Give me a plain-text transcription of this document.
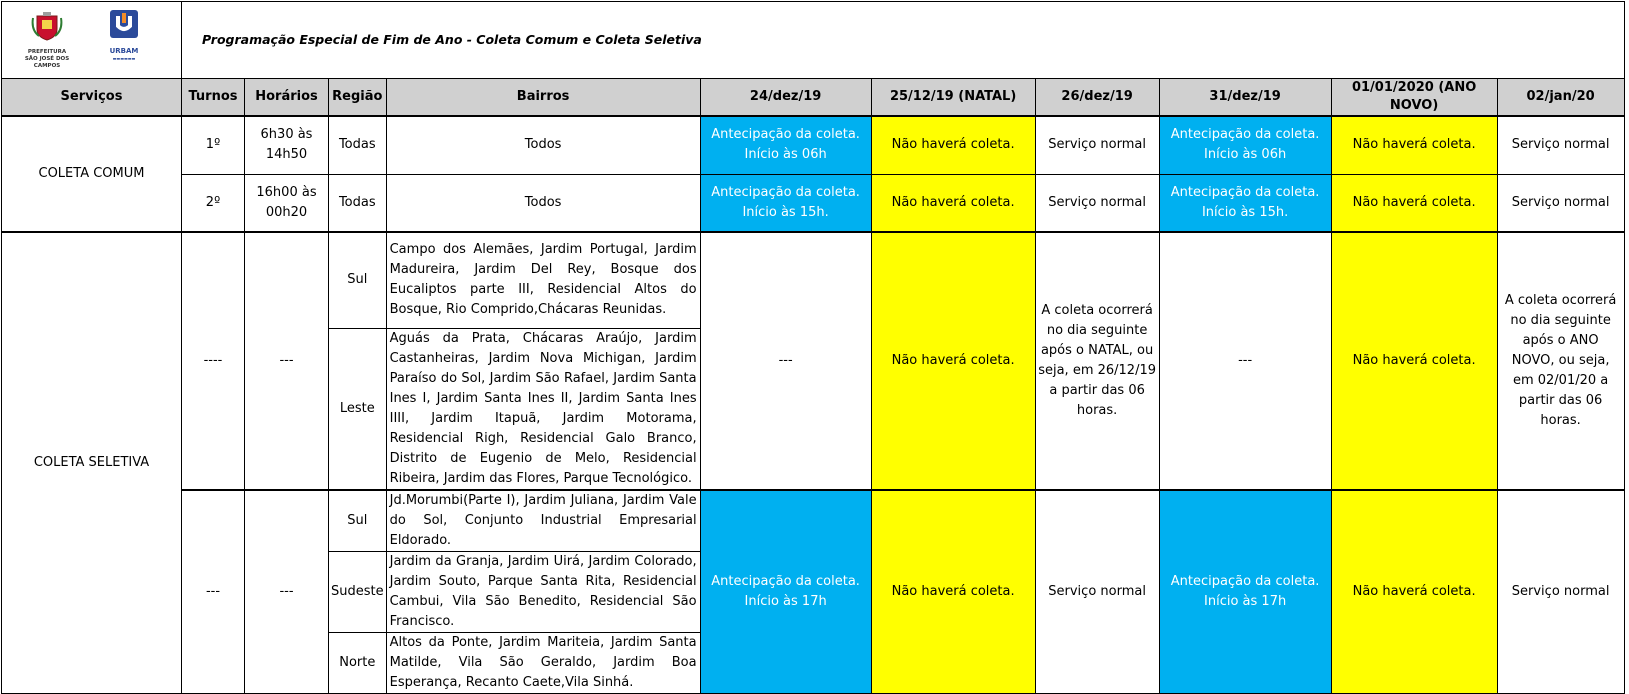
PREFEITURA
SÃO JOSÉ DOS CAMPOS
URBAM
▬▬▬▬▬▬	Programação Especial de Fim de Ano - Coleta Comum e Coleta Seletiva									
Serviços	Turnos	Horários	Região	Bairros	24/dez/19	25/12/19 (NATAL)	26/dez/19	31/dez/19	01/01/2020 (ANO NOVO)	02/jan/20
COLETA COMUM	1º	6h30 às 14h50	Todas	Todos	Antecipação da coleta. Início às 06h	Não haverá coleta.	Serviço normal	Antecipação da coleta. Início às 06h	Não haverá coleta.	Serviço normal
	2º	16h00 às 00h20	Todas	Todos	Antecipação da coleta. Início às 15h.	Não haverá coleta.	Serviço normal	Antecipação da coleta. Início às 15h.	Não haverá coleta.	Serviço normal
COLETA SELETIVA	----	---	Sul	Campo dos Alemães, Jardim Portugal, Jardim Madureira, Jardim Del Rey, Bosque dos Eucaliptos parte III, Residencial Altos do Bosque, Rio Comprido,Chácaras Reunidas.	---	Não haverá coleta.	A coleta ocorrerá no dia seguinte após o NATAL, ou seja, em 26/12/19 a partir das 06 horas.	---	Não haverá coleta.	A coleta ocorrerá no dia seguinte após o ANO NOVO, ou seja, em 02/01/20 a partir das 06 horas.
			Leste	Aguás da Prata, Chácaras Araújo, Jardim Castanheiras, Jardim Nova Michigan, Jardim Paraíso do Sol, Jardim São Rafael, Jardim Santa Ines I, Jardim Santa Ines II, Jardim Santa Ines IIII, Jardim Itapuã, Jardim Motorama, Residencial Righ, Residencial Galo Branco, Distrito de Eugenio de Melo, Residencial Ribeira, Jardim das Flores, Parque Tecnológico.						
	---	---	Sul	Jd.Morumbi(Parte I), Jardim Juliana, Jardim Vale do Sol, Conjunto Industrial Empresarial Eldorado.	Antecipação da coleta. Início às 17h	Não haverá coleta.	Serviço normal	Antecipação da coleta. Início às 17h	Não haverá coleta.	Serviço normal
			Sudeste	Jardim da Granja, Jardim Uirá, Jardim Colorado, Jardim Souto, Parque Santa Rita, Residencial Cambui, Vila São Benedito, Residencial São Francisco.						
			Norte	Altos da Ponte, Jardim Mariteia, Jardim Santa Matilde, Vila São Geraldo, Jardim Boa Esperança, Recanto Caete,Vila Sinhá.						
